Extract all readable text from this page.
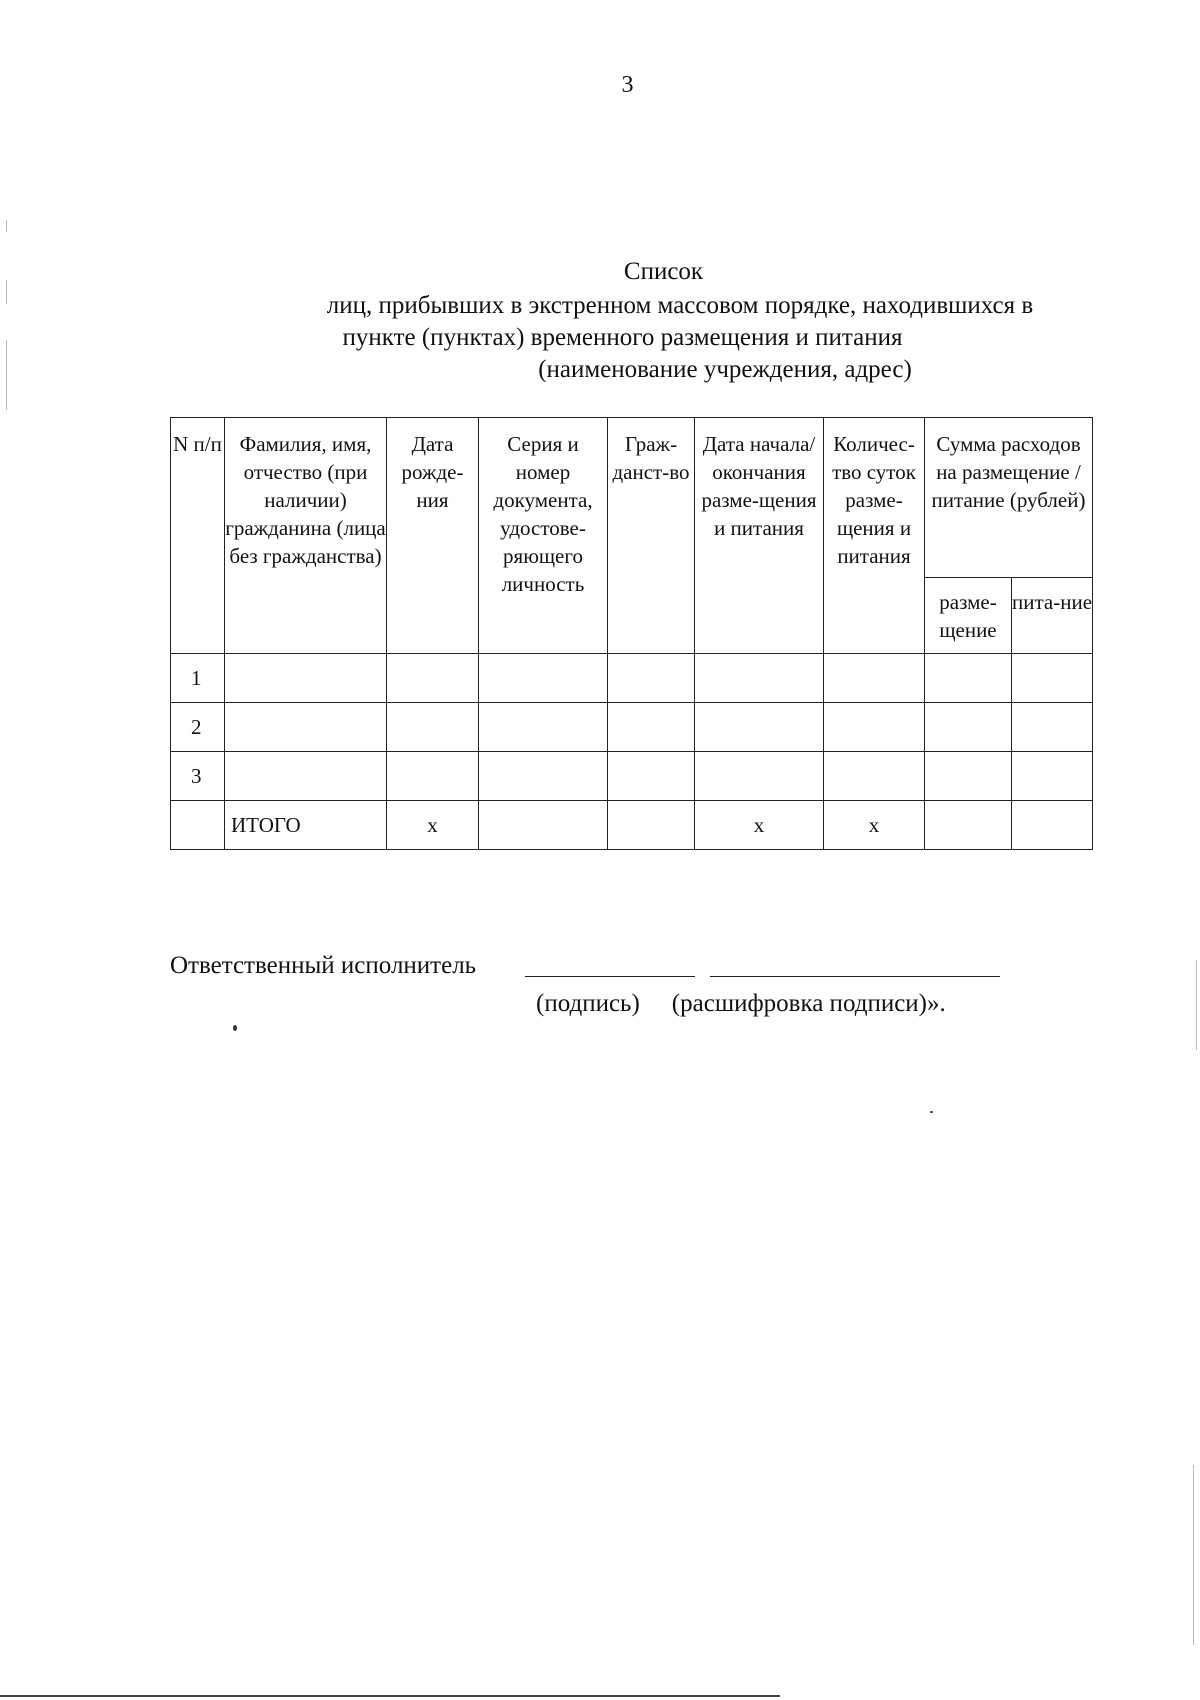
3
Список
лиц, прибывших в экстренном массовом порядке, находившихся в
пункте (пунктах) временного размещения и питания
(наименование учреждения, адрес)
N п/п	Фамилия, имя, отчество (при наличии) гражданина (лица без гражданства)	Дата рожде-ния	Серия и номер документа, удостове-ряющего личность	Граж-данст-во	Дата начала/ окончания разме-щения и питания	Количес-тво суток разме-щения и питания	Сумма расходов на размещение / питание (рублей)	
							разме-щение	пита-ние
1								
2								
3								
	ИТОГО	х			х	х		
Ответственный исполнитель
(подпись) (расшифровка подписи)».
